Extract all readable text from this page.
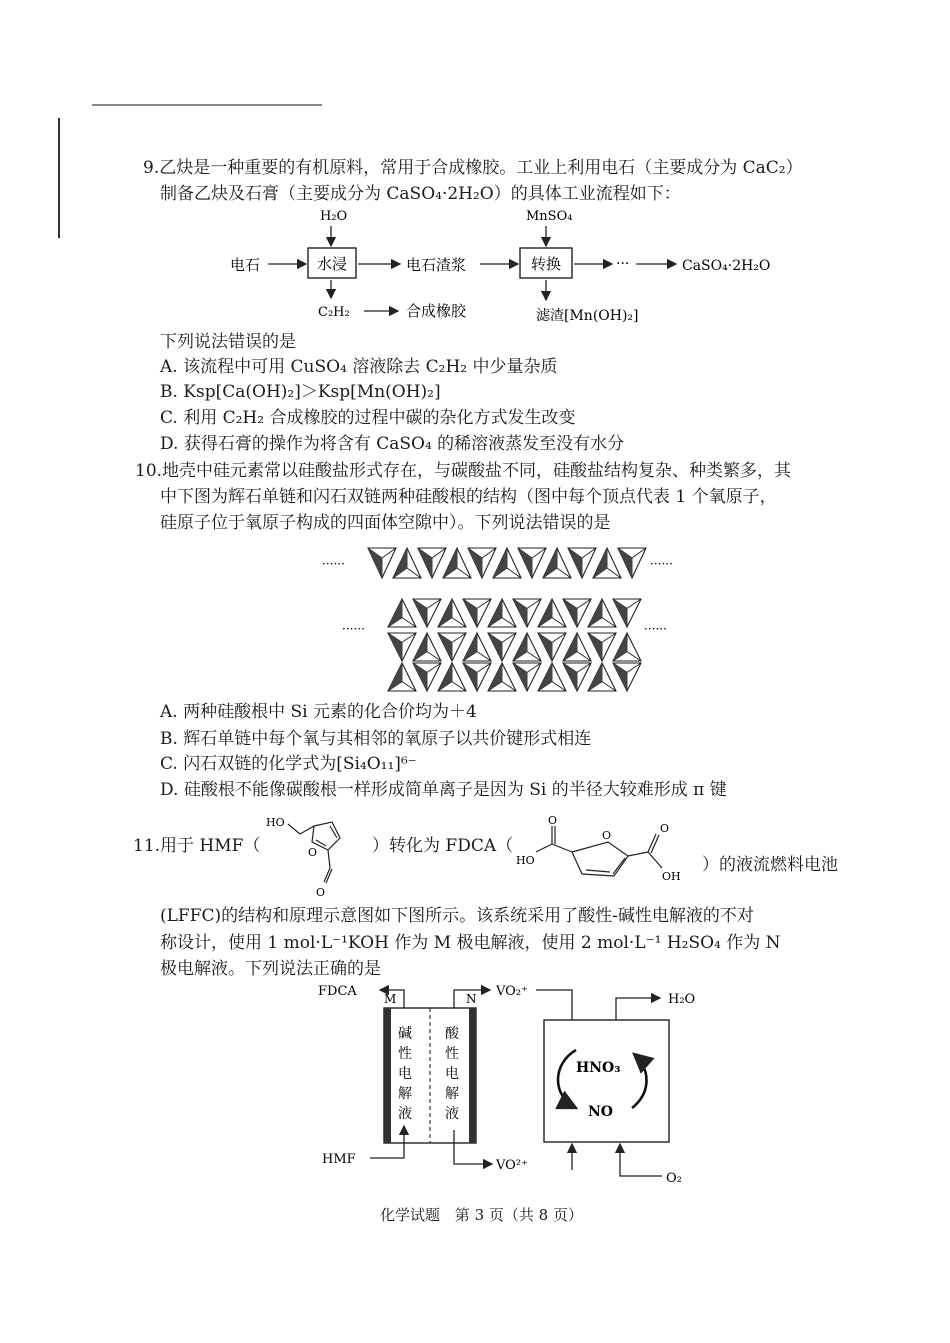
9.乙炔是一种重要的有机原料，常用于合成橡胶。工业上利用电石（主要成分为 CaC₂）
制备乙炔及石膏（主要成分为 CaSO₄·2H₂O）的具体工业流程如下：
电石
H₂O
水浸
C₂H₂	合成橡胶
电石渣浆
MnSO₄
转换
滤渣[Mn(OH)₂]
···	CaSO₄·2H₂O
下列说法错误的是
A. 该流程中可用 CuSO₄ 溶液除去 C₂H₂ 中少量杂质
B. Ksp[Ca(OH)₂]＞Ksp[Mn(OH)₂]
C. 利用 C₂H₂ 合成橡胶的过程中碳的杂化方式发生改变
D. 获得石膏的操作为将含有 CaSO₄ 的稀溶液蒸发至没有水分
10.地壳中硅元素常以硅酸盐形式存在，与碳酸盐不同，硅酸盐结构复杂、种类繁多，其
中下图为辉石单链和闪石双链两种硅酸根的结构（图中每个顶点代表 1 个氧原子，
硅原子位于氧原子构成的四面体空隙中）。下列说法错误的是
······	······
······	······
A. 两种硅酸根中 Si 元素的化合价均为＋4
B. 辉石单链中每个氧与其相邻的氧原子以共价键形式相连
C. 闪石双链的化学式为[Si₄O₁₁]⁶⁻
D. 硅酸根不能像碳酸根一样形成简单离子是因为 Si 的半径大较难形成 π 键
11. 用于 HMF（
HO
O
O
）转化为 FDCA（
O
HO
O
O
OH
）的液流燃料电池
(LFFC)的结构和原理示意图如下图所示。该系统采用了酸性-碱性电解液的不对
称设计，使用 1 mol·L⁻¹KOH 作为 M 极电解液，使用 2 mol·L⁻¹ H₂SO₄ 作为 N
极电解液。下列说法正确的是
FDCA M	N VO₂⁺
HMF	VO²⁺
H₂O
HNO₃
NO
O₂
碱
性
电
解
液
酸
性
电
解
液
化学试题 第 3 页（共 8 页）
